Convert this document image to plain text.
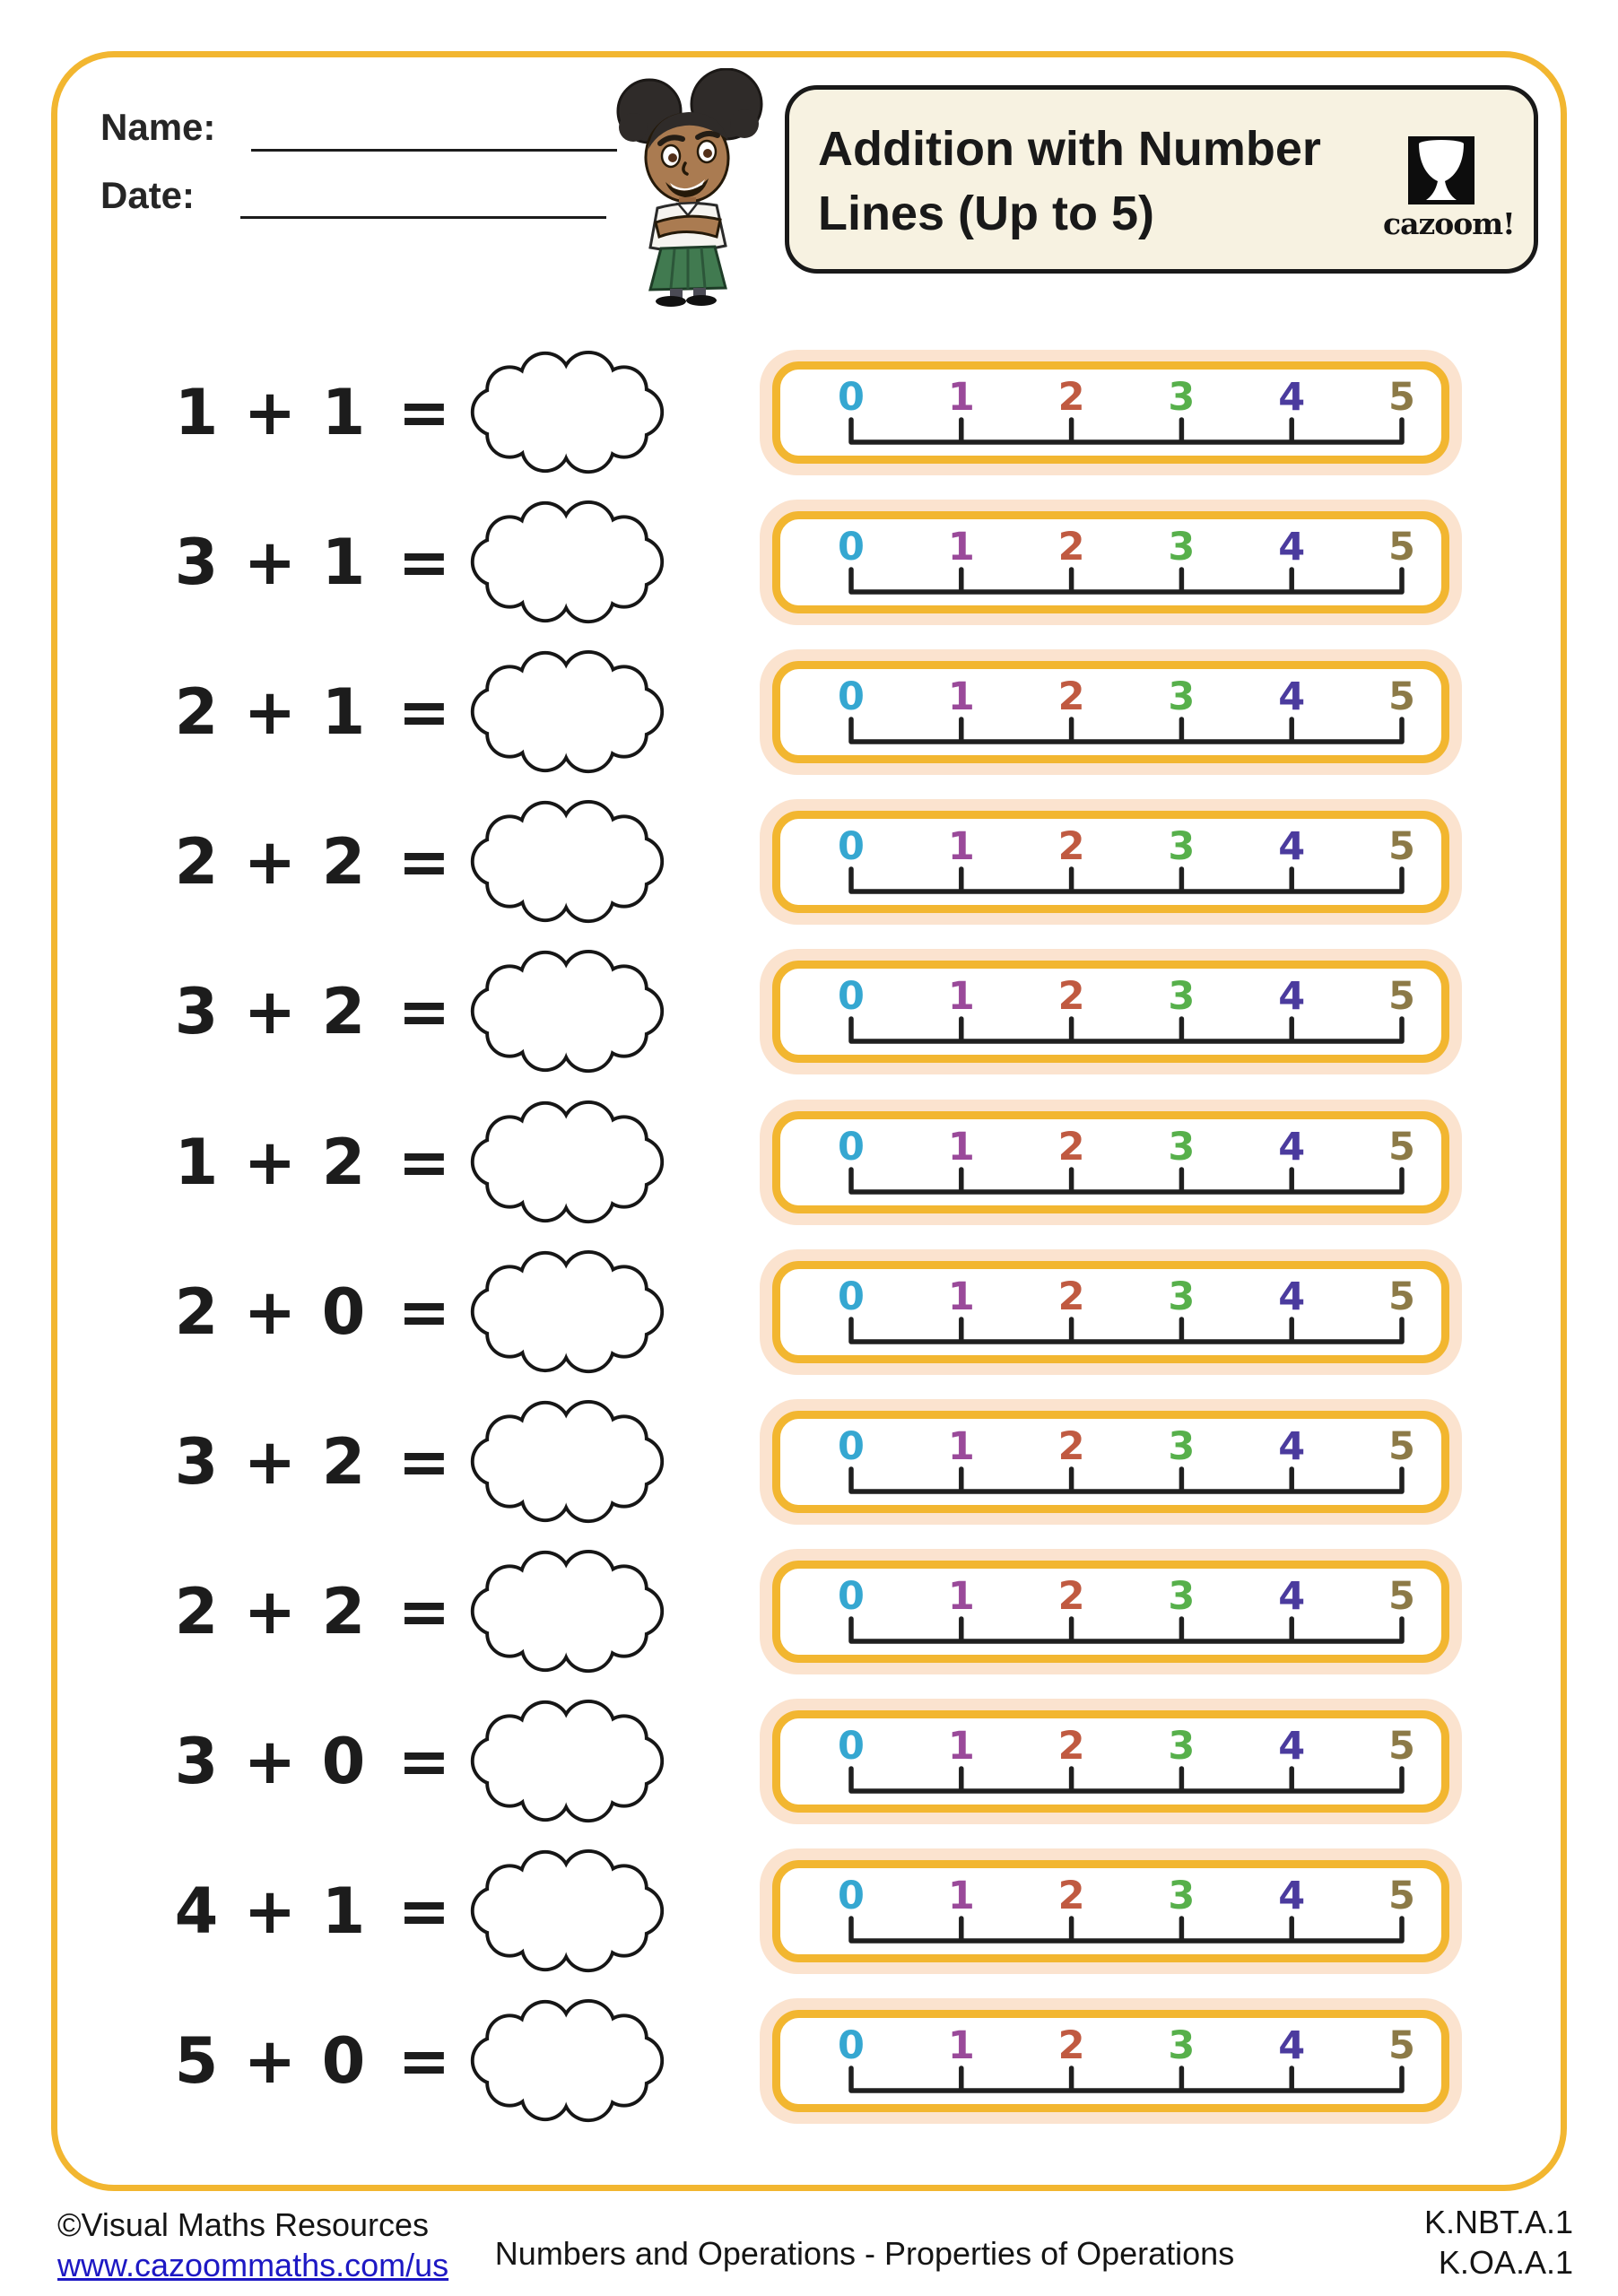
Name:
Date:
Addition with Number
Lines (Up to 5)	cazoom!
1 + 1 =	0 1 2 3 4 5
3 + 1 =	0 1 2 3 4 5
2 + 1 =	0 1 2 3 4 5
2 + 2 =	0 1 2 3 4 5
3 + 2 =	0 1 2 3 4 5
1 + 2 =	0 1 2 3 4 5
2 + 0 =	0 1 2 3 4 5
3 + 2 =	0 1 2 3 4 5
2 + 2 =	0 1 2 3 4 5
3 + 0 =	0 1 2 3 4 5
4 + 1 =	0 1 2 3 4 5
5 + 0 =	0 1 2 3 4 5
©Visual Maths Resources
www.cazoommaths.com/us Numbers and Operations - Properties of Operations
K.NBT.A.1
K.OA.A.1
